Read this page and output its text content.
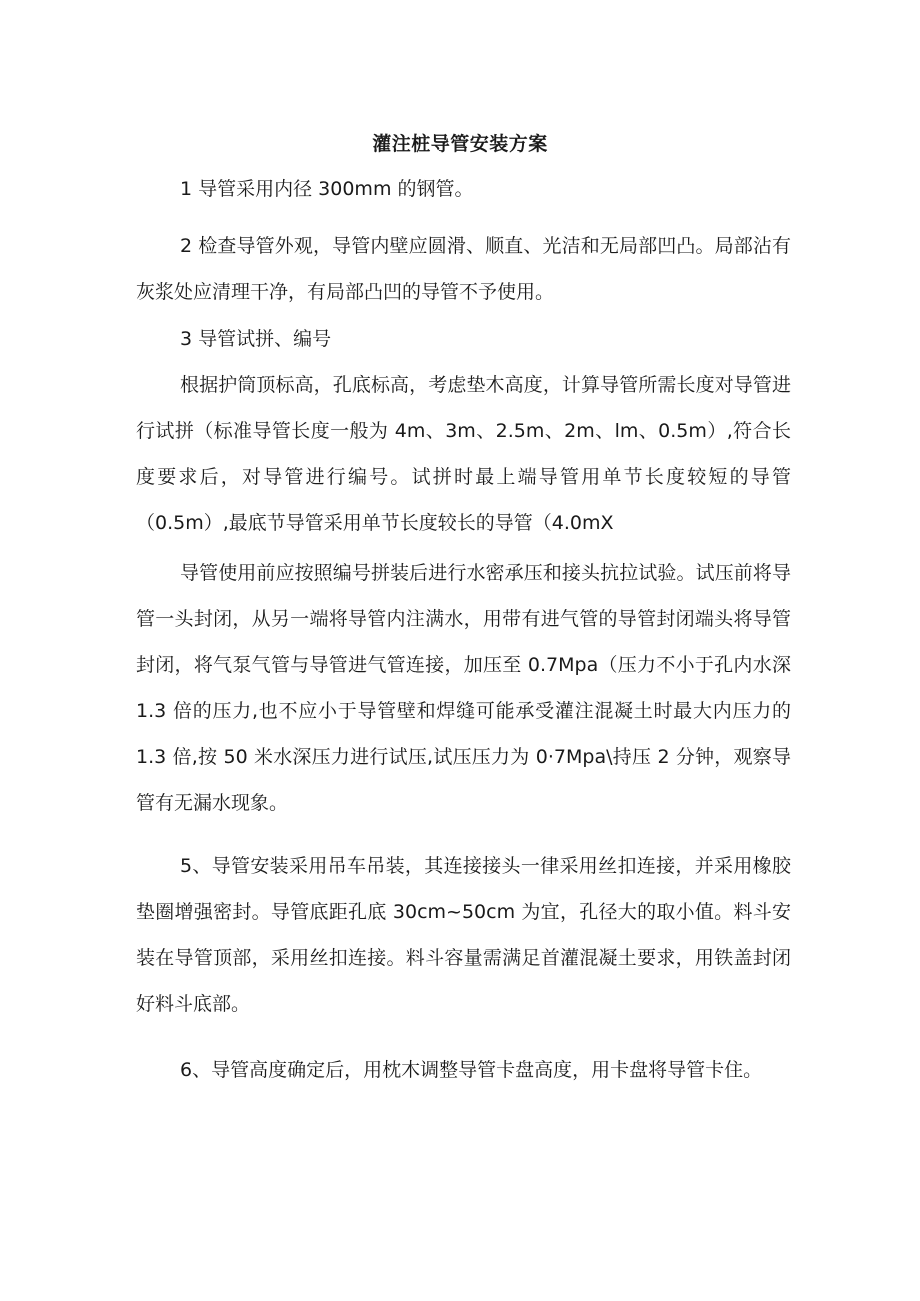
灌注桩导管安装方案

1 导管采用内径 300mm 的钢管。

2 检查导管外观，导管内壁应圆滑、顺直、光洁和无局部凹凸。局部沾有灰浆处应清理干净，有局部凸凹的导管不予使用。

3 导管试拼、编号

根据护筒顶标高，孔底标高，考虑垫木高度，计算导管所需长度对导管进行试拼（标准导管长度一般为 4m、3m、2.5m、2m、lm、0.5m）,符合长度要求后，对导管进行编号。试拼时最上端导管用单节长度较短的导管（0.5m）,最底节导管采用单节长度较长的导管（4.0mX

导管使用前应按照编号拼装后进行水密承压和接头抗拉试验。试压前将导管一头封闭，从另一端将导管内注满水，用带有进气管的导管封闭端头将导管封闭，将气泵气管与导管进气管连接，加压至 0.7Mpa（压力不小于孔内水深 1.3 倍的压力,也不应小于导管壁和焊缝可能承受灌注混凝土时最大内压力的 1.3 倍,按 50 米水深压力进行试压,试压压力为 0·7Mpa\持压 2 分钟，观察导管有无漏水现象。

5、导管安装采用吊车吊装，其连接接头一律采用丝扣连接，并采用橡胶垫圈增强密封。导管底距孔底 30cm~50cm 为宜，孔径大的取小值。料斗安装在导管顶部，采用丝扣连接。料斗容量需满足首灌混凝土要求，用铁盖封闭好料斗底部。

6、导管高度确定后，用枕木调整导管卡盘高度，用卡盘将导管卡住。
